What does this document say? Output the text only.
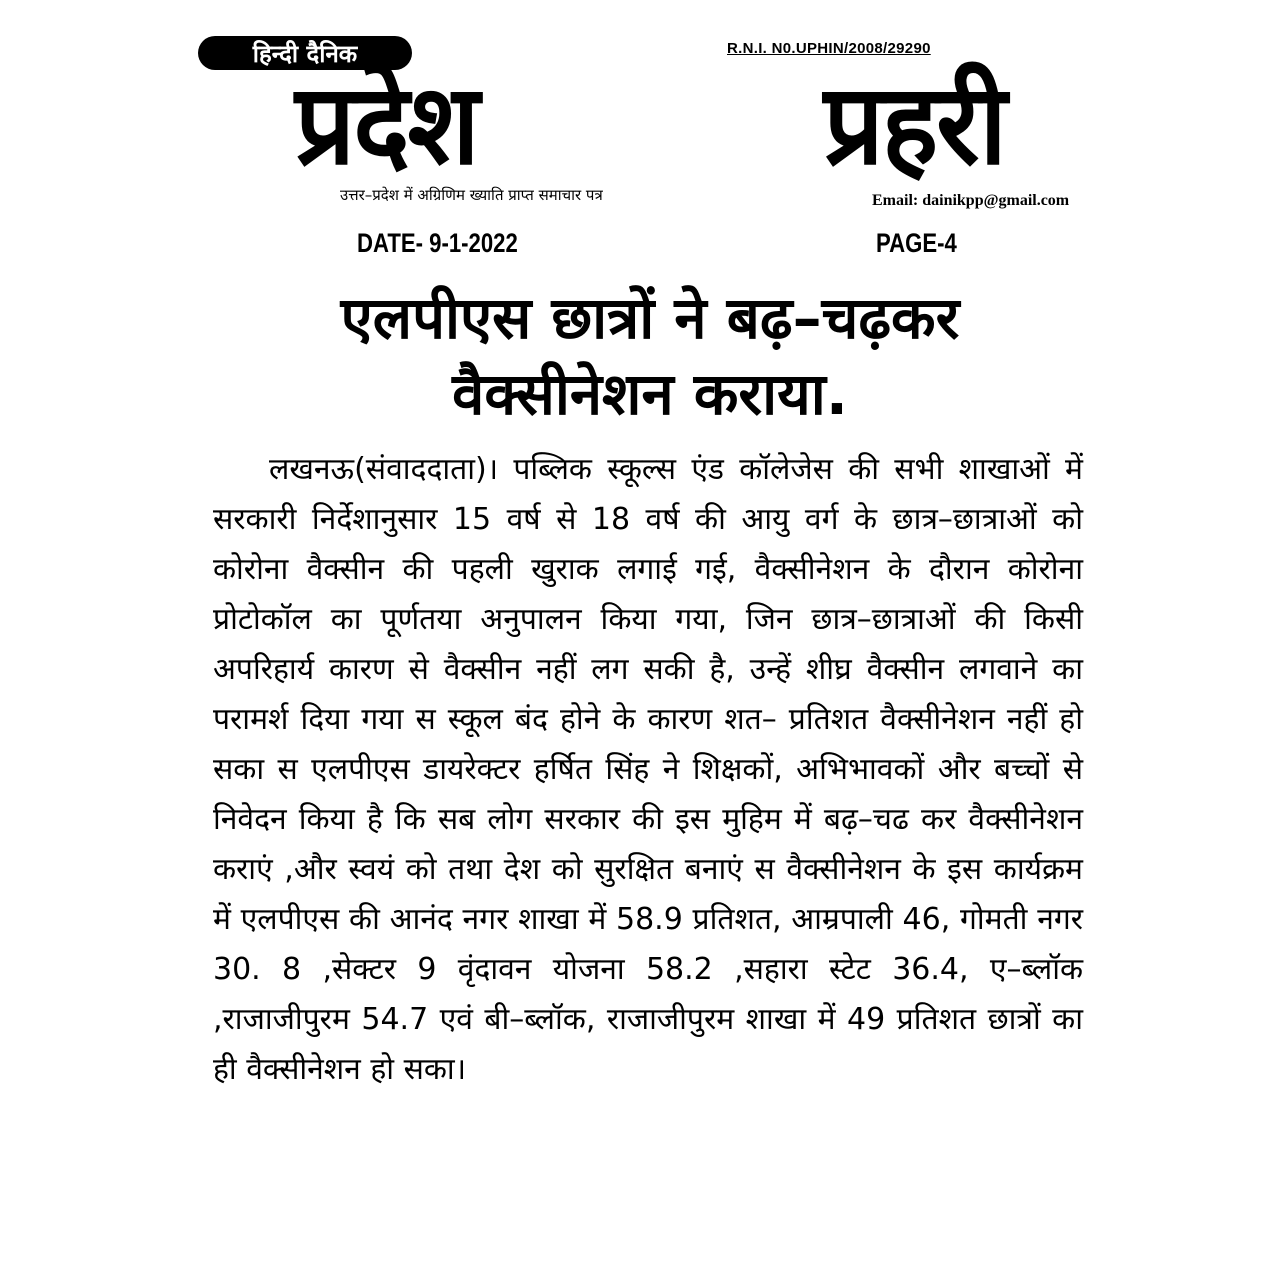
हिन्दी दैनिक	R.N.I. N0.UPHIN/2008/29290
प्रदेश	प्रहरी
उत्तर–प्रदेश में अग्रिणिम ख्याति प्राप्त समाचार पत्र	Email: dainikpp@gmail.com
DATE- 9-1-2022	PAGE-4
एलपीएस छात्रों ने बढ़–चढ़कर
वैक्सीनेशन कराया.

लखनऊ(संवाददाता)। पब्लिक स्कूल्स एंड कॉलेजेस की सभी शाखाओं में सरकारी निर्देशानुसार 15 वर्ष से 18 वर्ष की आयु वर्ग के छात्र–छात्राओं को कोरोना वैक्सीन की पहली खुराक लगाई गई, वैक्सीनेशन के दौरान कोरोना प्रोटोकॉल का पूर्णतया अनुपालन किया गया, जिन छात्र–छात्राओं की किसी अपरिहार्य कारण से वैक्सीन नहीं लग सकी है, उन्हें शीघ्र वैक्सीन लगवाने का परामर्श दिया गया स स्कूल बंद होने के कारण शत– प्रतिशत वैक्सीनेशन नहीं हो सका स एलपीएस डायरेक्टर हर्षित सिंह ने शिक्षकों, अभिभावकों और बच्चों से निवेदन किया है कि सब लोग सरकार की इस मुहिम में बढ़–चढ कर वैक्सीनेशन कराएं ,और स्वयं को तथा देश को सुरक्षित बनाएं स वैक्सीनेशन के इस कार्यक्रम में एलपीएस की आनंद नगर शाखा में 58.9 प्रतिशत, आम्रपाली 46, गोमती नगर 30. 8 ,सेक्टर 9 वृंदावन योजना 58.2 ,सहारा स्टेट 36.4, ए–ब्लॉक ,राजाजीपुरम 54.7 एवं बी–ब्लॉक, राजाजीपुरम शाखा में 49 प्रतिशत छात्रों का ही वैक्सीनेशन हो सका।
